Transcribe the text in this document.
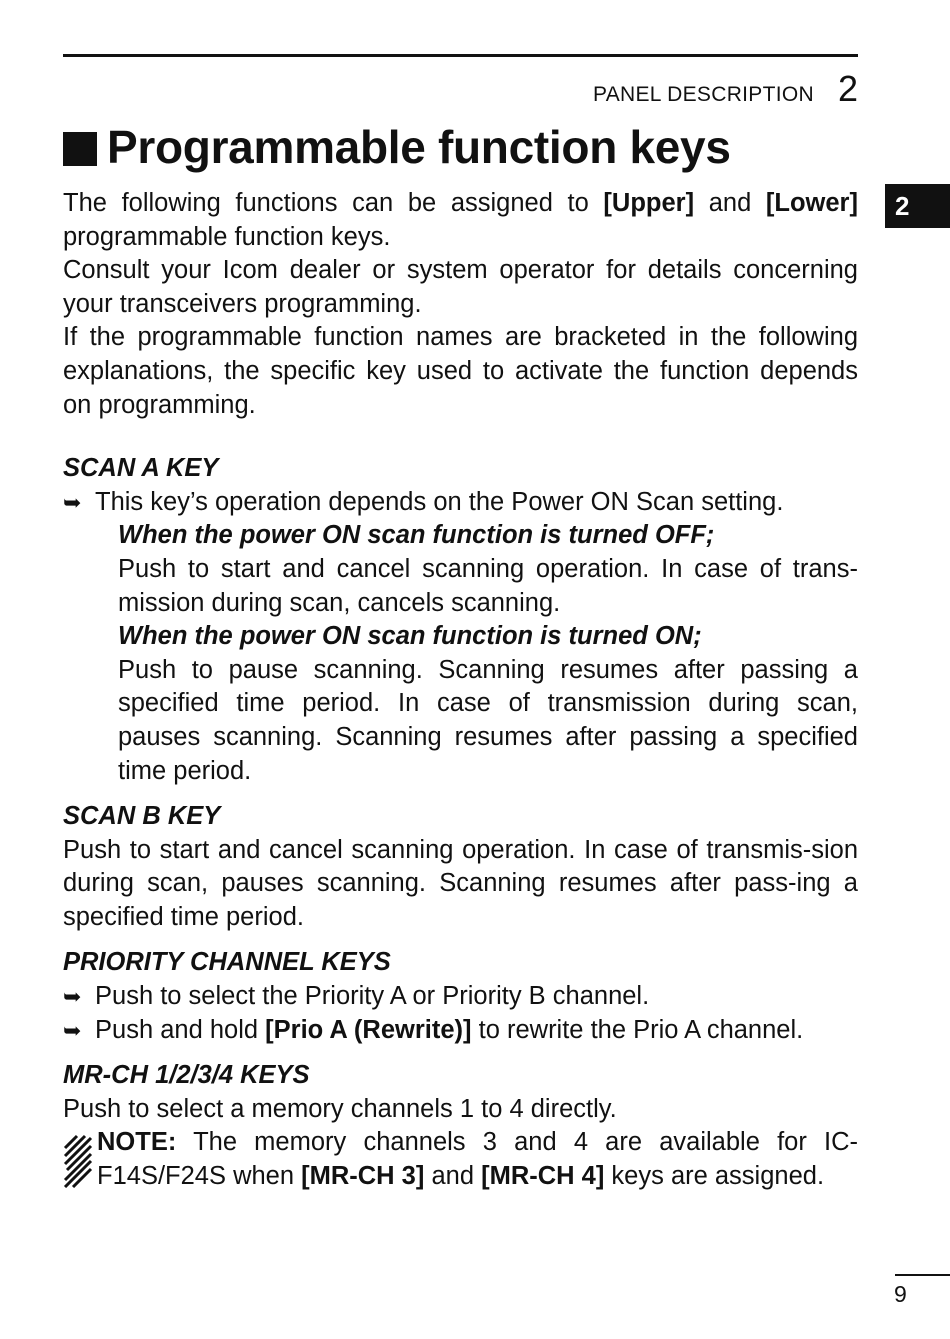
PANEL DESCRIPTION 2
Programmable function keys
2

The following functions can be assigned to [Upper] and [Lower]

programmable function keys.

Consult your Icom dealer or system operator for details concerning

your transceivers programming.

If the programmable function names are bracketed in the following

explanations, the specific key used to activate the function depends

on programming.

SCAN A KEY

➥ This key’s operation depends on the Power ON Scan setting.

When the power ON scan function is turned OFF;

Push to start and cancel scanning operation. In case of trans-mission during scan, cancels scanning.

When the power ON scan function is turned ON;

Push to pause scanning. Scanning resumes after passing a specified time period. In case of transmission during scan, pauses scanning. Scanning resumes after passing a specified time period.

SCAN B KEY

Push to start and cancel scanning operation. In case of transmis-sion during scan, pauses scanning. Scanning resumes after pass-ing a specified time period.

PRIORITY CHANNEL KEYS

➥ Push to select the Priority A or Priority B channel.
➥ Push and hold [Prio A (Rewrite)] to rewrite the Prio A channel.

MR-CH 1/2/3/4 KEYS

Push to select a memory channels 1 to 4 directly.

NOTE: The memory channels 3 and 4 are available for IC-

F14S/F24S when [MR-CH 3] and [MR-CH 4] keys are assigned.

9
